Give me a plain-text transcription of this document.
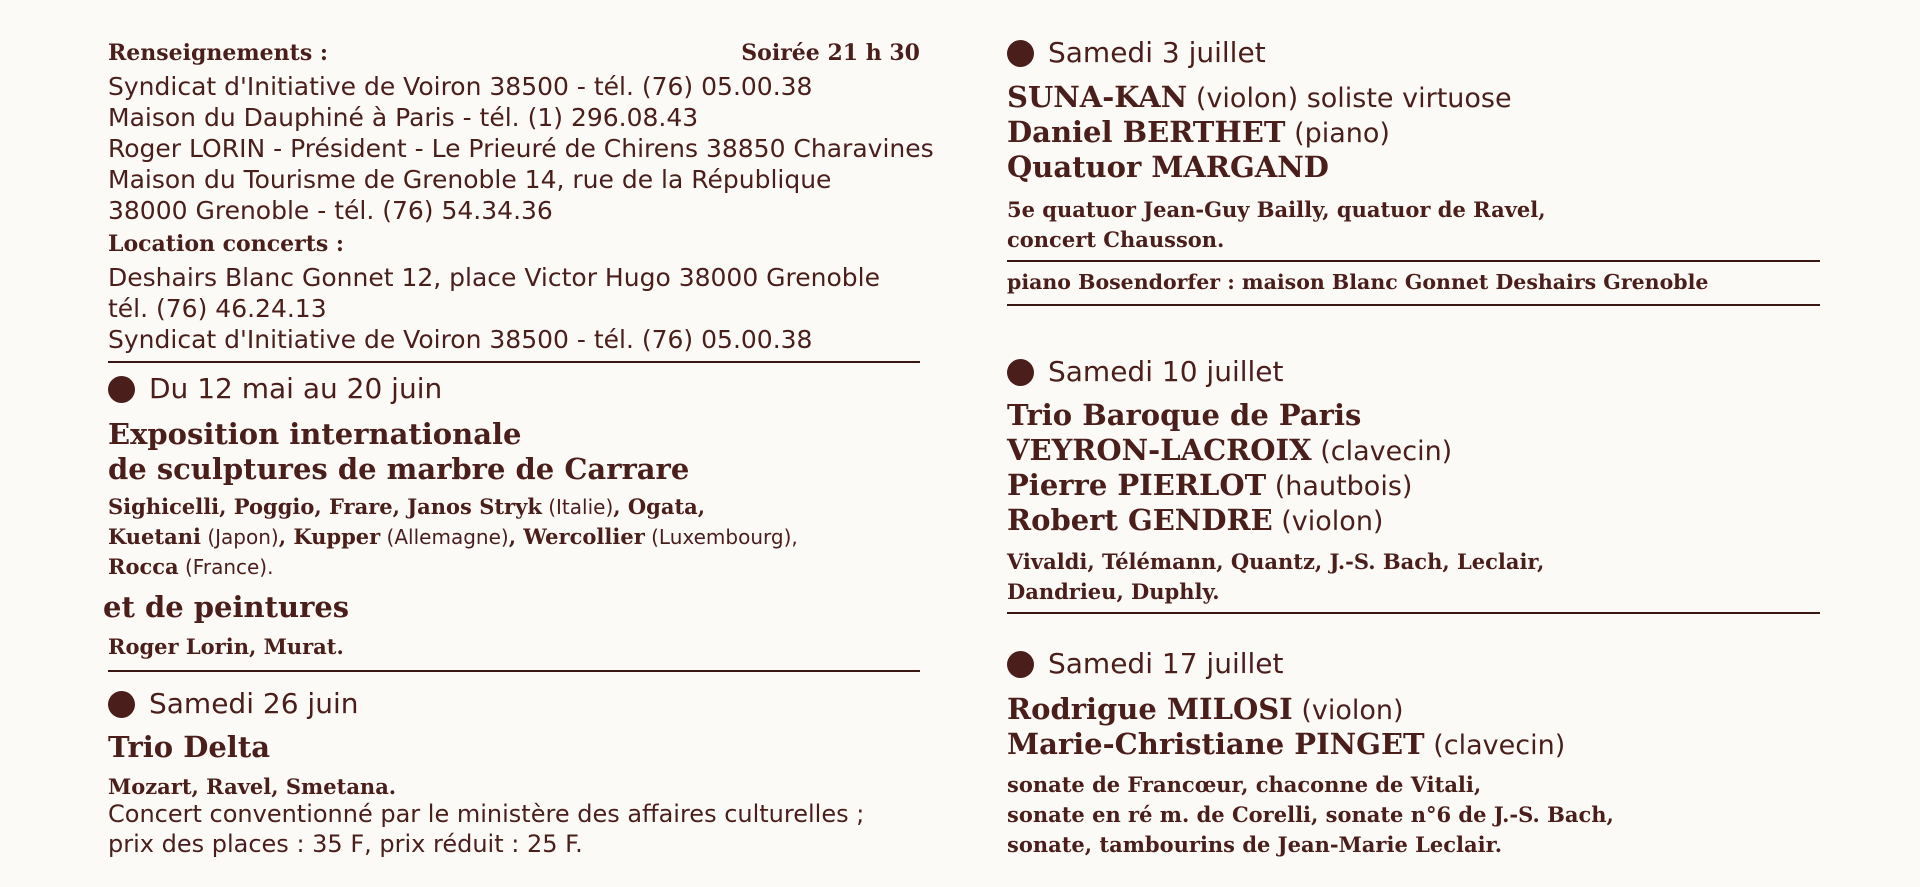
Renseignements :	Soirée 21 h 30
Syndicat d'Initiative de Voiron 38500 - tél. (76) 05.00.38
Maison du Dauphiné à Paris - tél. (1) 296.08.43
Roger LORIN - Président - Le Prieuré de Chirens 38850 Charavines
Maison du Tourisme de Grenoble 14, rue de la République
38000 Grenoble - tél. (76) 54.34.36
Location concerts :
Deshairs Blanc Gonnet 12, place Victor Hugo 38000 Grenoble
tél. (76) 46.24.13
Syndicat d'Initiative de Voiron 38500 - tél. (76) 05.00.38
Du 12 mai au 20 juin
Exposition internationale
de sculptures de marbre de Carrare
Sighicelli, Poggio, Frare, Janos Stryk (Italie), Ogata,
Kuetani (Japon), Kupper (Allemagne), Wercollier (Luxembourg),
Rocca (France).
et de peintures
Roger Lorin, Murat.
Samedi 26 juin
Trio Delta
Mozart, Ravel, Smetana.
Concert conventionné par le ministère des affaires culturelles ;
prix des places : 35 F, prix réduit : 25 F.
Samedi 3 juillet
SUNA-KAN (violon) soliste virtuose
Daniel BERTHET (piano)
Quatuor MARGAND
5e quatuor Jean-Guy Bailly, quatuor de Ravel,
concert Chausson.
piano Bosendorfer : maison Blanc Gonnet Deshairs Grenoble
Samedi 10 juillet
Trio Baroque de Paris
VEYRON-LACROIX (clavecin)
Pierre PIERLOT (hautbois)
Robert GENDRE (violon)
Vivaldi, Télémann, Quantz, J.-S. Bach, Leclair,
Dandrieu, Duphly.
Samedi 17 juillet
Rodrigue MILOSI (violon)
Marie-Christiane PINGET (clavecin)
sonate de Francœur, chaconne de Vitali,
sonate en ré m. de Corelli, sonate n°6 de J.-S. Bach,
sonate, tambourins de Jean-Marie Leclair.
